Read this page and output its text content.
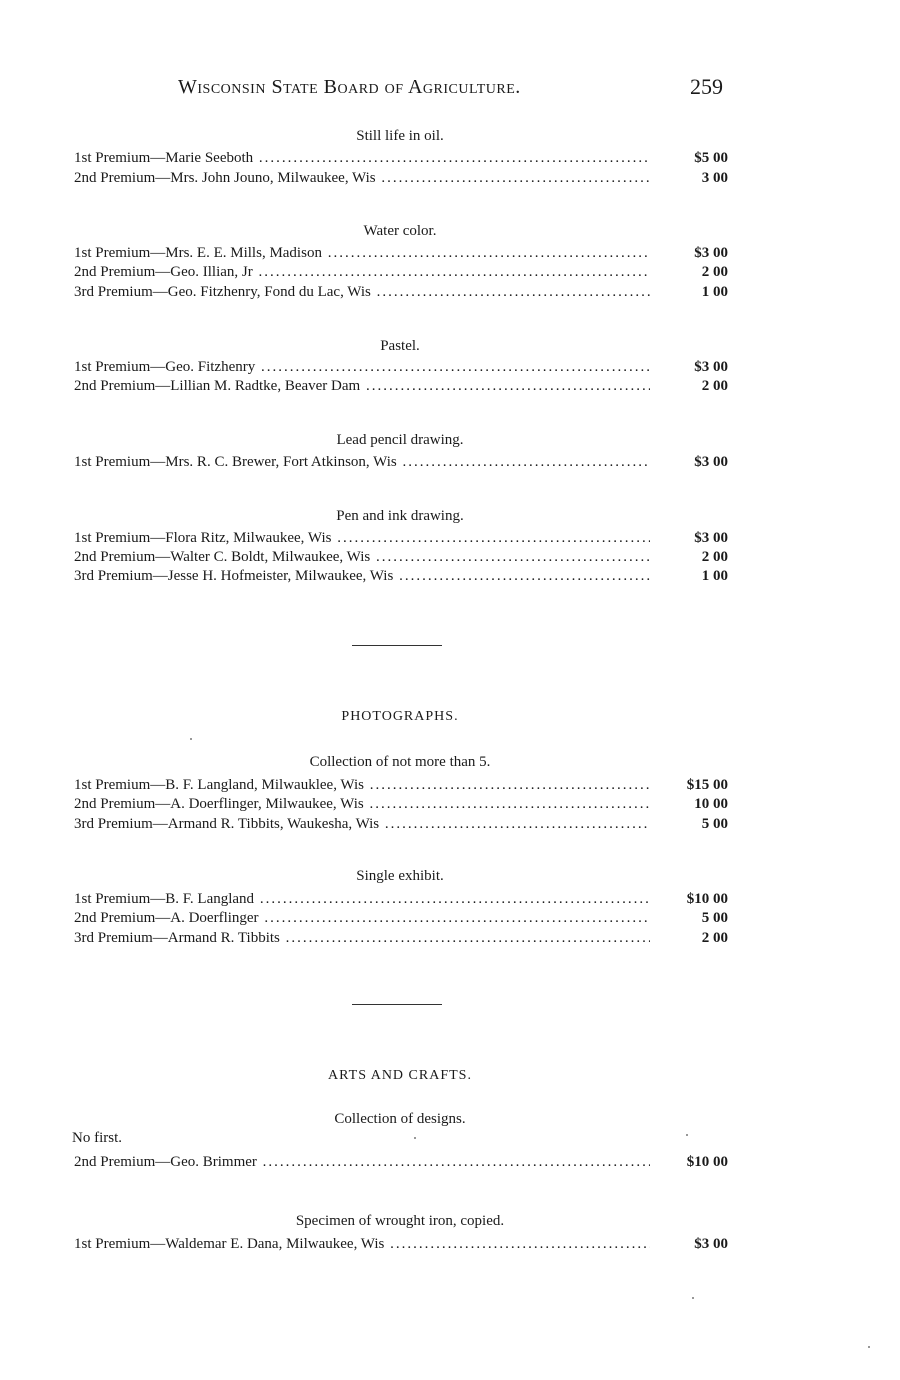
Wisconsin State Board of Agriculture.	259
Still life in oil.
1st Premium—Marie Seeboth .....	$5 00
2nd Premium—Mrs. John Jouno, Milwaukee, Wis .....	3 00
Water color.
1st Premium—Mrs. E. E. Mills, Madison .....	$3 00
2nd Premium—Geo. Illian, Jr .....	2 00
3rd Premium—Geo. Fitzhenry, Fond du Lac, Wis .....	1 00
Pastel.
1st Premium—Geo. Fitzhenry .....	$3 00
2nd Premium—Lillian M. Radtke, Beaver Dam .....	2 00
Lead pencil drawing.
1st Premium—Mrs. R. C. Brewer, Fort Atkinson, Wis .....	$3 00
Pen and ink drawing.
1st Premium—Flora Ritz, Milwaukee, Wis .....	$3 00
2nd Premium—Walter C. Boldt, Milwaukee, Wis .....	2 00
3rd Premium—Jesse H. Hofmeister, Milwaukee, Wis .....	1 00
PHOTOGRAPHS.
Collection of not more than 5.
1st Premium—B. F. Langland, Milwauklee, Wis .....	$15 00
2nd Premium—A. Doerflinger, Milwaukee, Wis .....	10 00
3rd Premium—Armand R. Tibbits, Waukesha, Wis .....	5 00
Single exhibit.
1st Premium—B. F. Langland .....	$10 00
2nd Premium—A. Doerflinger .....	5 00
3rd Premium—Armand R. Tibbits .....	2 00
ARTS AND CRAFTS.
Collection of designs.
No first.
2nd Premium—Geo. Brimmer .....	$10 00
Specimen of wrought iron, copied.
1st Premium—Waldemar E. Dana, Milwaukee, Wis .....	$3 00
